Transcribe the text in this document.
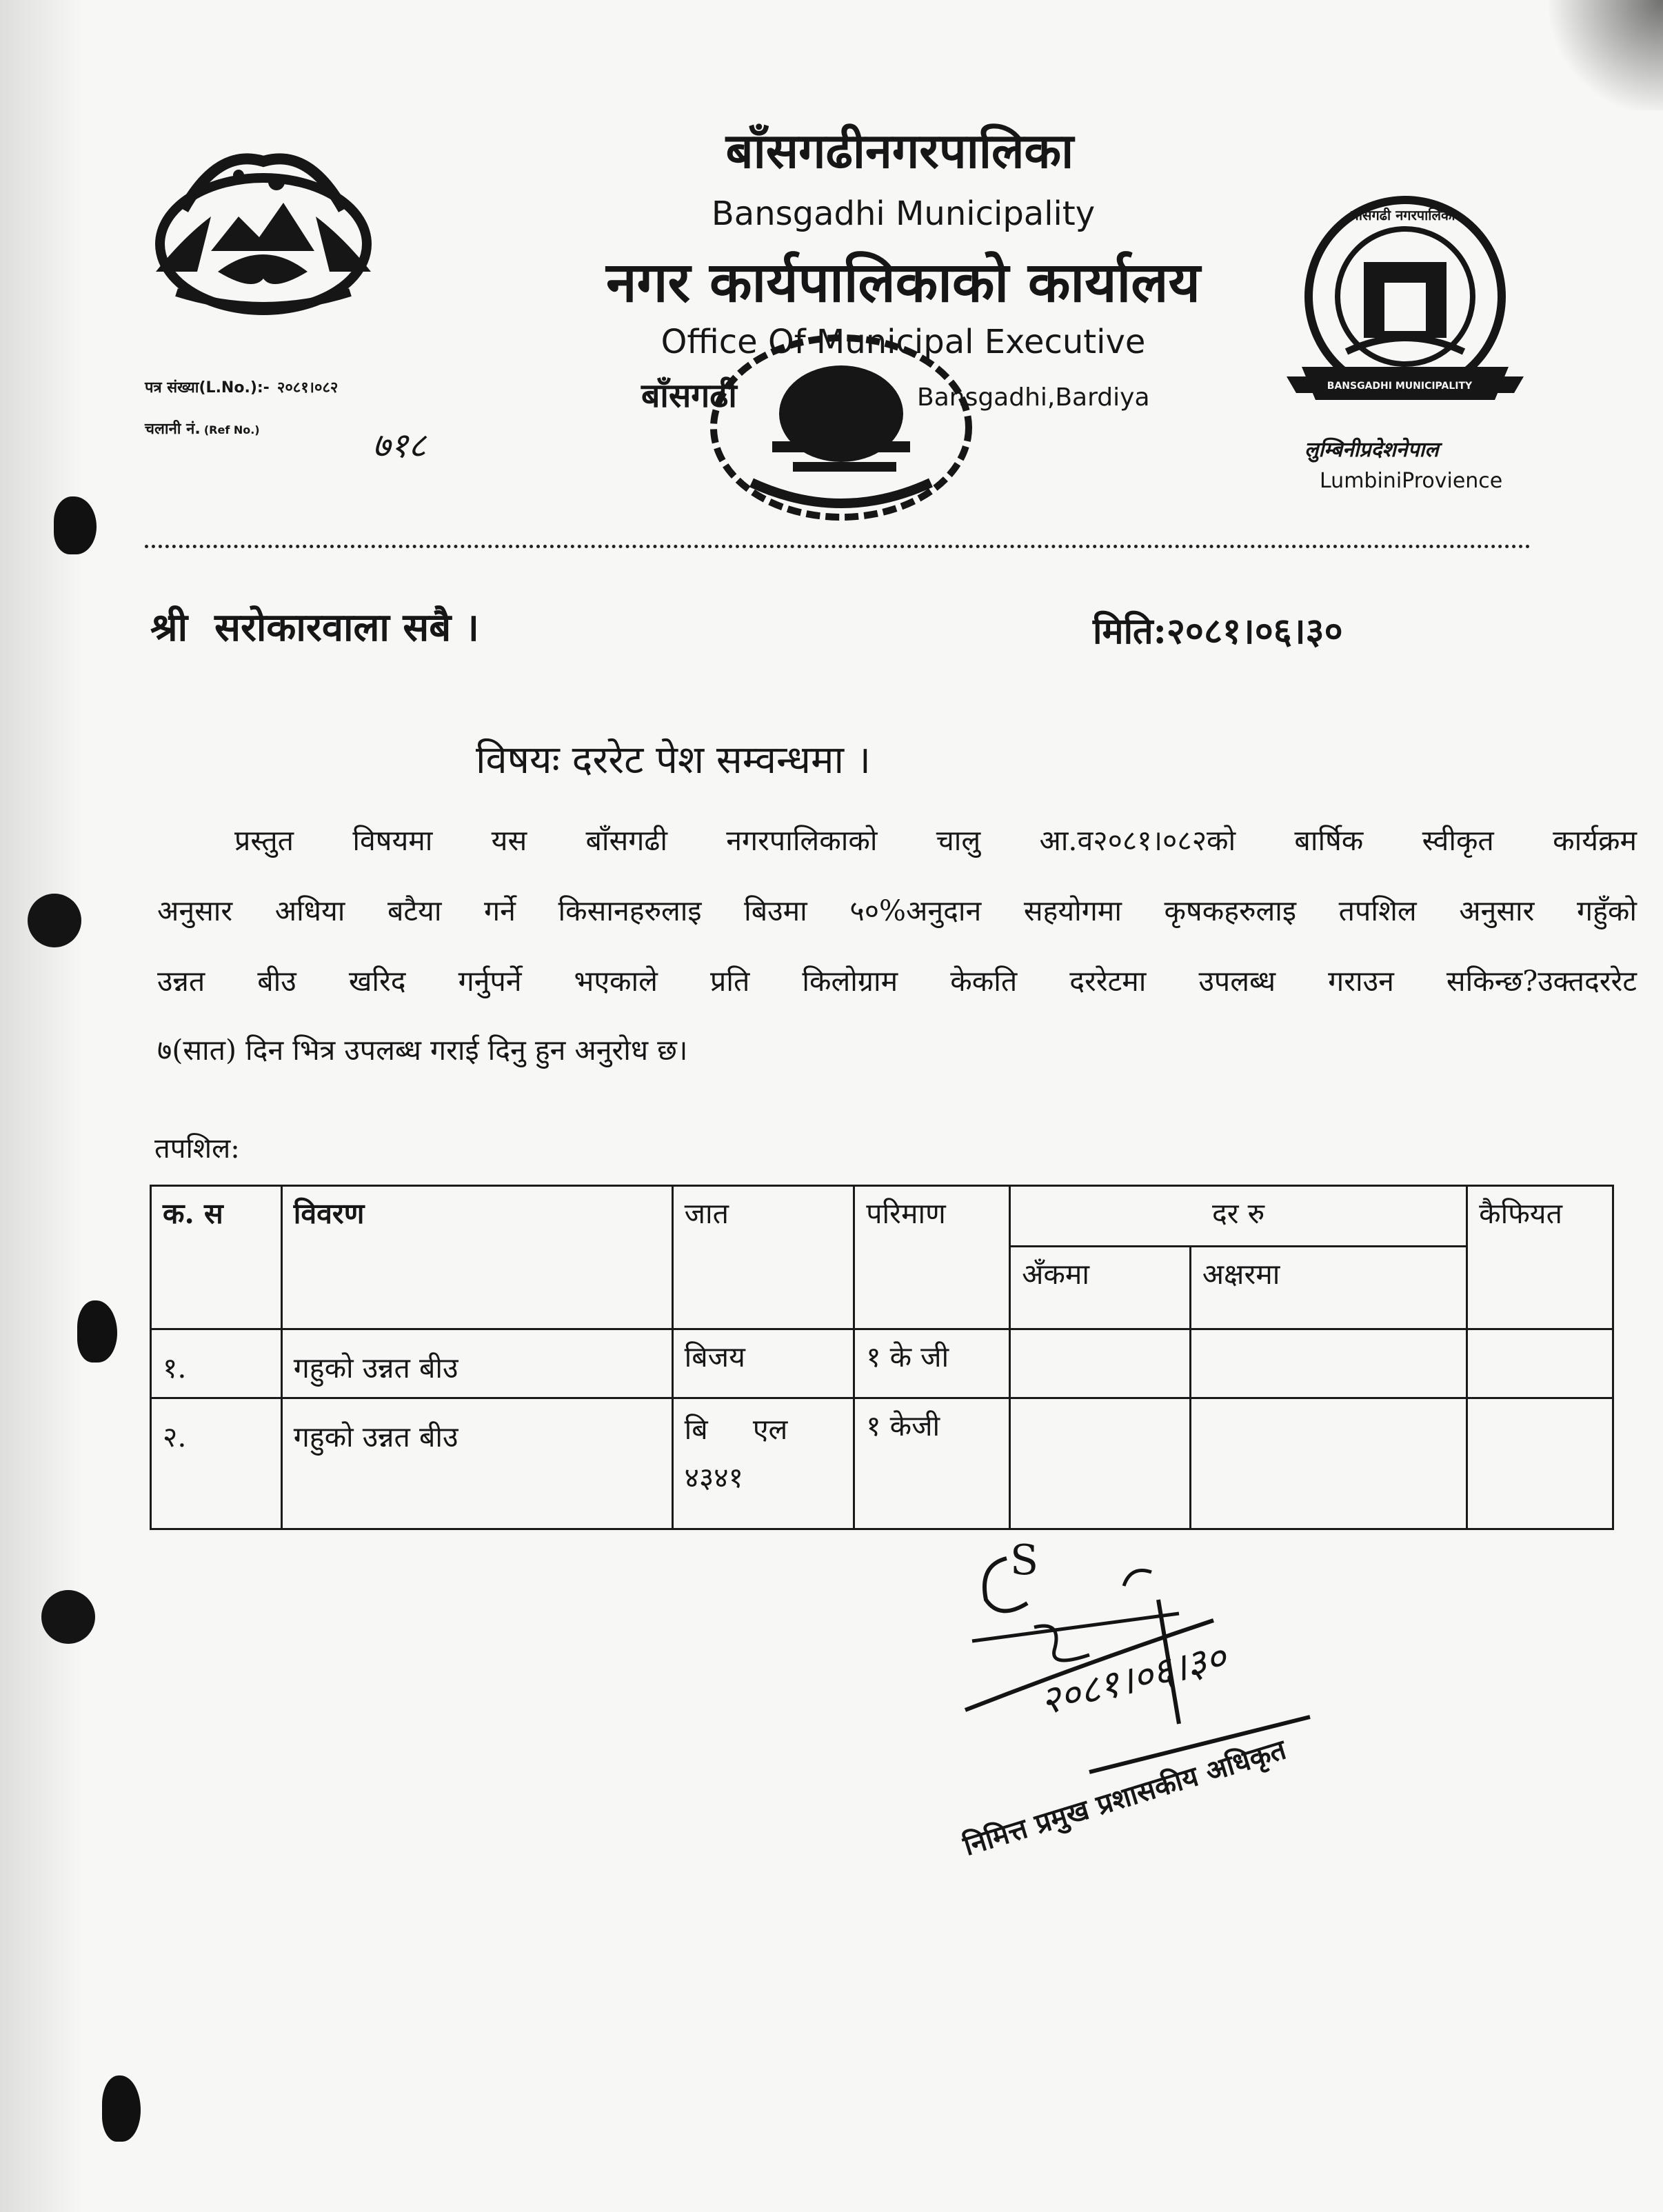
बाँसगढीनगरपालिका
Bansgadhi Municipality
नगर कार्यपालिकाको कार्यालय
Office Of Municipal Executive
बाँसगढी	Bansgadhi,Bardiya
बाँसगढी नगरपालिका
BANSGADHI MUNICIPALITY
लुम्बिनीप्रदेशनेपाल
LumbiniProvience
पत्र संख्या(L.No.):- २०८१।०८२
चलानी नं. (Ref No.)	७१८
श्री  सरोकारवाला सबै ।	मिति:२०८१।०६।३०
विषयः दररेट पेश सम्वन्धमा ।
प्रस्तुत विषयमा यस बाँसगढी नगरपालिकाको चालु आ.व२०८१।०८२को बार्षिक स्वीकृत कार्यक्रम
अनुसार अधिया बटैया गर्ने किसानहरुलाइ बिउमा ५०%अनुदान सहयोगमा कृषकहरुलाइ तपशिल अनुसार गहुँको
उन्नत बीउ खरिद गर्नुपर्ने भएकाले प्रति किलोग्राम केकति दररेटमा उपलब्ध गराउन सकिन्छ?उक्तदररेट
७(सात) दिन भित्र उपलब्ध गराई दिनु हुन अनुरोध छ।
तपशिल:
क. स	विवरण	जात	परिमाण	दर रु		कैफियत
				अँकमा	अक्षरमा	
१.	गहुको उन्नत बीउ	बिजय	१ के जी			
२.	गहुको उन्नत बीउ	बि     एल ४३४१	१ केजी			
S
२०८१।०६।३०
निमित्त प्रमुख प्रशासकीय अधिकृत
